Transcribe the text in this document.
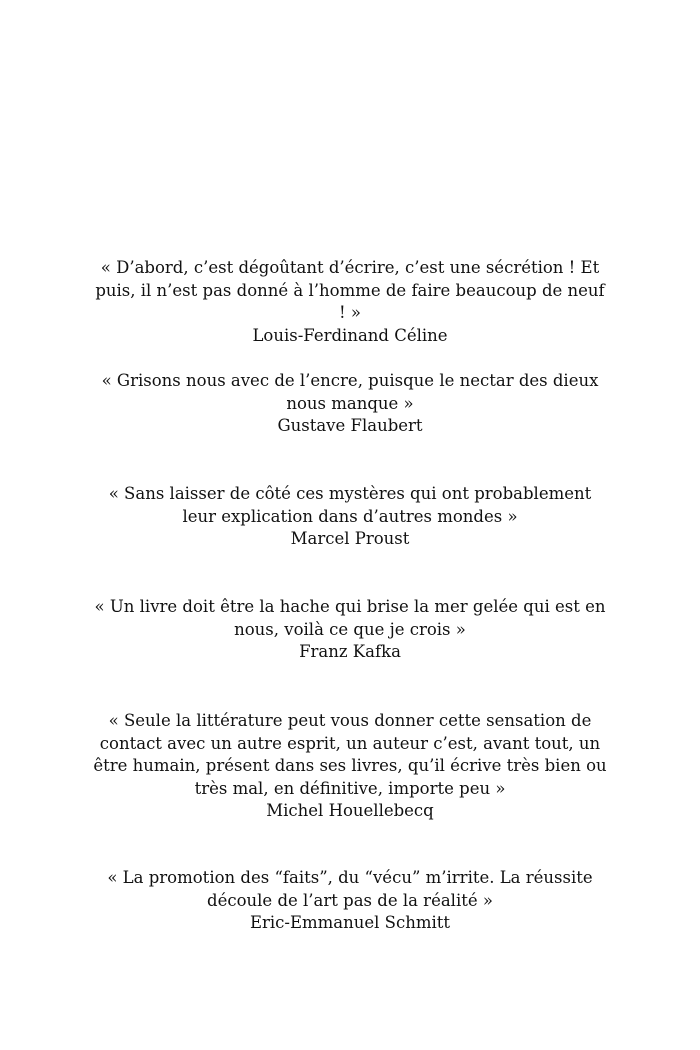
« D’abord, c’est dégoûtant d’écrire, c’est une sécrétion ! Et puis, il n’est pas donné à l’homme de faire beaucoup de neuf ! »
Louis-Ferdinand Céline
« Grisons nous avec de l’encre, puisque le nectar des dieux nous manque »
Gustave Flaubert
« Sans laisser de côté ces mystères qui ont probablement leur explication dans d’autres mondes »
Marcel Proust
« Un livre doit être la hache qui brise la mer gelée qui est en nous, voilà ce que je crois »
Franz Kafka
« Seule la littérature peut vous donner cette sensation de contact avec un autre esprit, un auteur c’est, avant tout, un être humain, présent dans ses livres, qu’il écrive très bien ou très mal, en définitive, importe peu »
Michel Houellebecq
« La promotion des “faits”, du “vécu” m’irrite. La réussite découle de l’art pas de la réalité »
Eric-Emmanuel Schmitt
